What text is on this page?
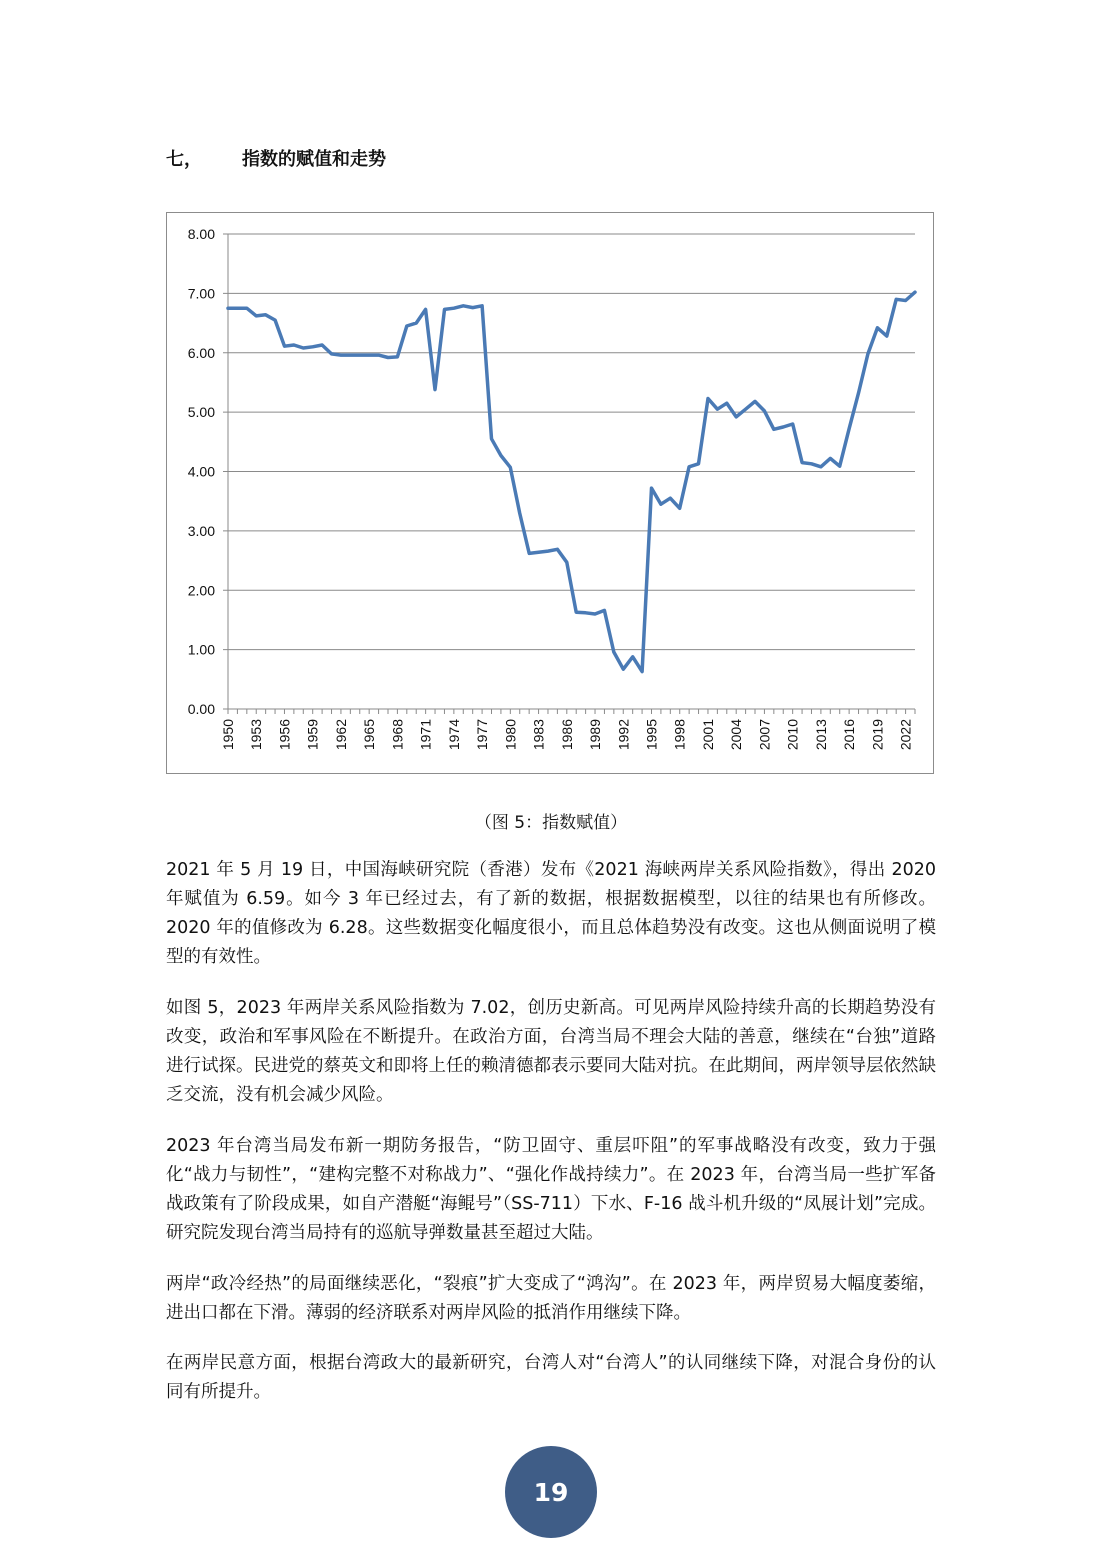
七，	指数的赋值和走势
0.00
1.00
2.00
3.00
4.00
5.00
6.00
7.00
8.00
1950 1953 1956 1959 1962 1965 1968 1971 1974 1977 1980 1983 1986 1989 1992 1995 1998 2001 2004 2007 2010 2013 2016 2019 2022
（图 5：指数赋值）

2021 年 5 月 19 日，中国海峡研究院（香港）发布《2021 海峡两岸关系风险指数》，得出 2020 年赋值为 6.59。如今 3 年已经过去，有了新的数据，根据数据模型，以往的结果也有所修改。2020 年的值修改为 6.28。这些数据变化幅度很小，而且总体趋势没有改变。这也从侧面说明了模型的有效性。

如图 5，2023 年两岸关系风险指数为 7.02，创历史新高。可见两岸风险持续升高的长期趋势没有改变，政治和军事风险在不断提升。在政治方面，台湾当局不理会大陆的善意，继续在“台独”道路进行试探。民进党的蔡英文和即将上任的赖清德都表示要同大陆对抗。在此期间，两岸领导层依然缺乏交流，没有机会减少风险。

2023 年台湾当局发布新一期防务报告，“防卫固守、重层吓阻”的军事战略没有改变，致力于强化“战力与韧性”，“建构完整不对称战力”、“强化作战持续力”。在 2023 年，台湾当局一些扩军备战政策有了阶段成果，如自产潜艇“海鲲号”（SS-711）下水、F-16 战斗机升级的“凤展计划”完成。研究院发现台湾当局持有的巡航导弹数量甚至超过大陆。

两岸“政冷经热”的局面继续恶化，“裂痕”扩大变成了“鸿沟”。在 2023 年，两岸贸易大幅度萎缩，进出口都在下滑。薄弱的经济联系对两岸风险的抵消作用继续下降。

在两岸民意方面，根据台湾政大的最新研究，台湾人对“台湾人”的认同继续下降，对混合身份的认同有所提升。

19
